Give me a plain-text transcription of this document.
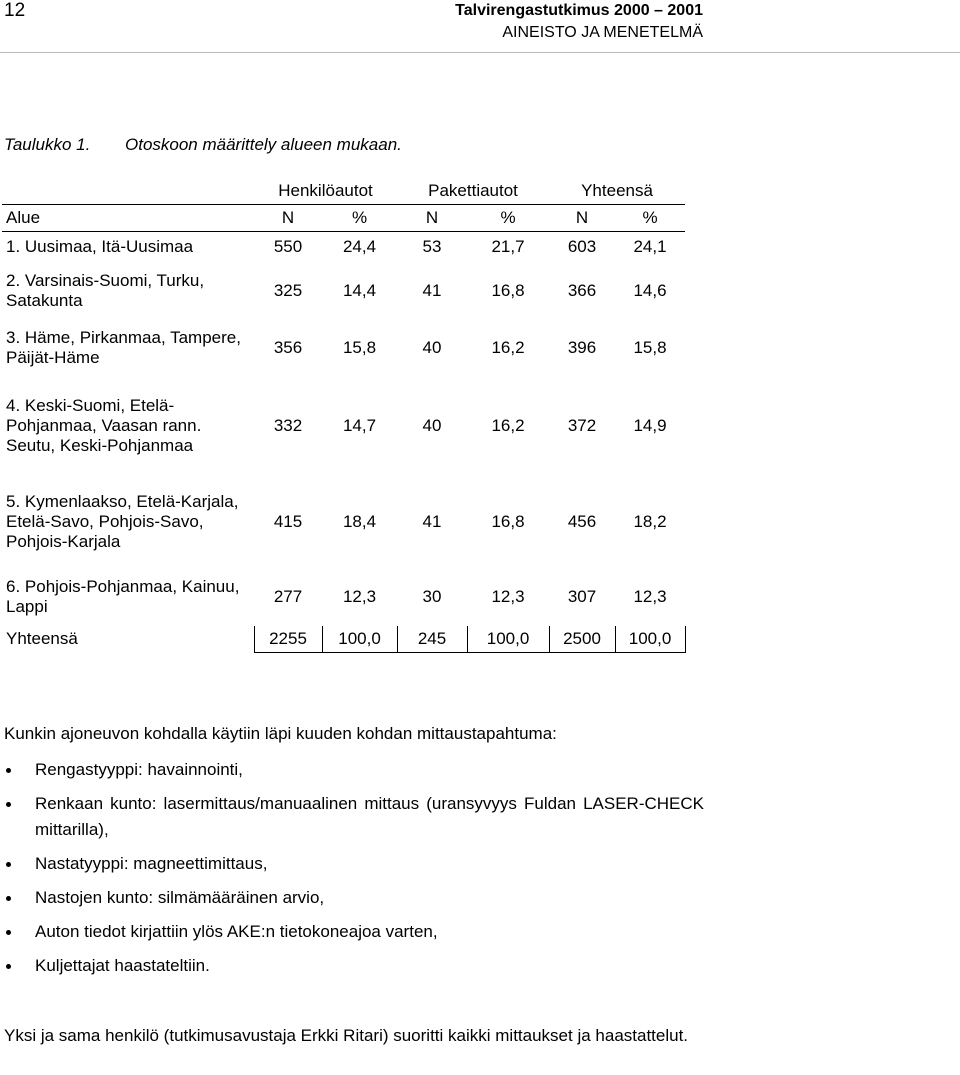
12	Talvirengastutkimus 2000 – 2001
AINEISTO JA MENETELMÄ
Taulukko 1. Otoskoon määrittely alueen mukaan.
	Henkilöautot		Pakettiautot		Yhteensä	
Alue	N	%	N	%	N	%
1. Uusimaa, Itä-Uusimaa	550	24,4	53	21,7	603	24,1
2. Varsinais-Suomi, Turku, Satakunta	325	14,4	41	16,8	366	14,6
3. Häme, Pirkanmaa, Tampere, Päijät-Häme	356	15,8	40	16,2	396	15,8
4. Keski-Suomi, Etelä-Pohjanmaa, Vaasan rann. Seutu, Keski-Pohjanmaa	332	14,7	40	16,2	372	14,9
5. Kymenlaakso, Etelä-Karjala, Etelä-Savo, Pohjois-Savo, Pohjois-Karjala	415	18,4	41	16,8	456	18,2
6. Pohjois-Pohjanmaa, Kainuu, Lappi	277	12,3	30	12,3	307	12,3
Yhteensä	2255	100,0	245	100,0	2500	100,0
Kunkin ajoneuvon kohdalla käytiin läpi kuuden kohdan mittaustapahtuma:
Rengastyyppi: havainnointi,
Renkaan kunto: lasermittaus/manuaalinen mittaus (uransyvyys Fuldan LASER-CHECK mittarilla),
Nastatyyppi: magneettimittaus,
Nastojen kunto: silmämääräinen arvio,
Auton tiedot kirjattiin ylös AKE:n tietokoneajoa varten,
Kuljettajat haastateltiin.
Yksi ja sama henkilö (tutkimusavustaja Erkki Ritari) suoritti kaikki mittaukset ja haastattelut.
